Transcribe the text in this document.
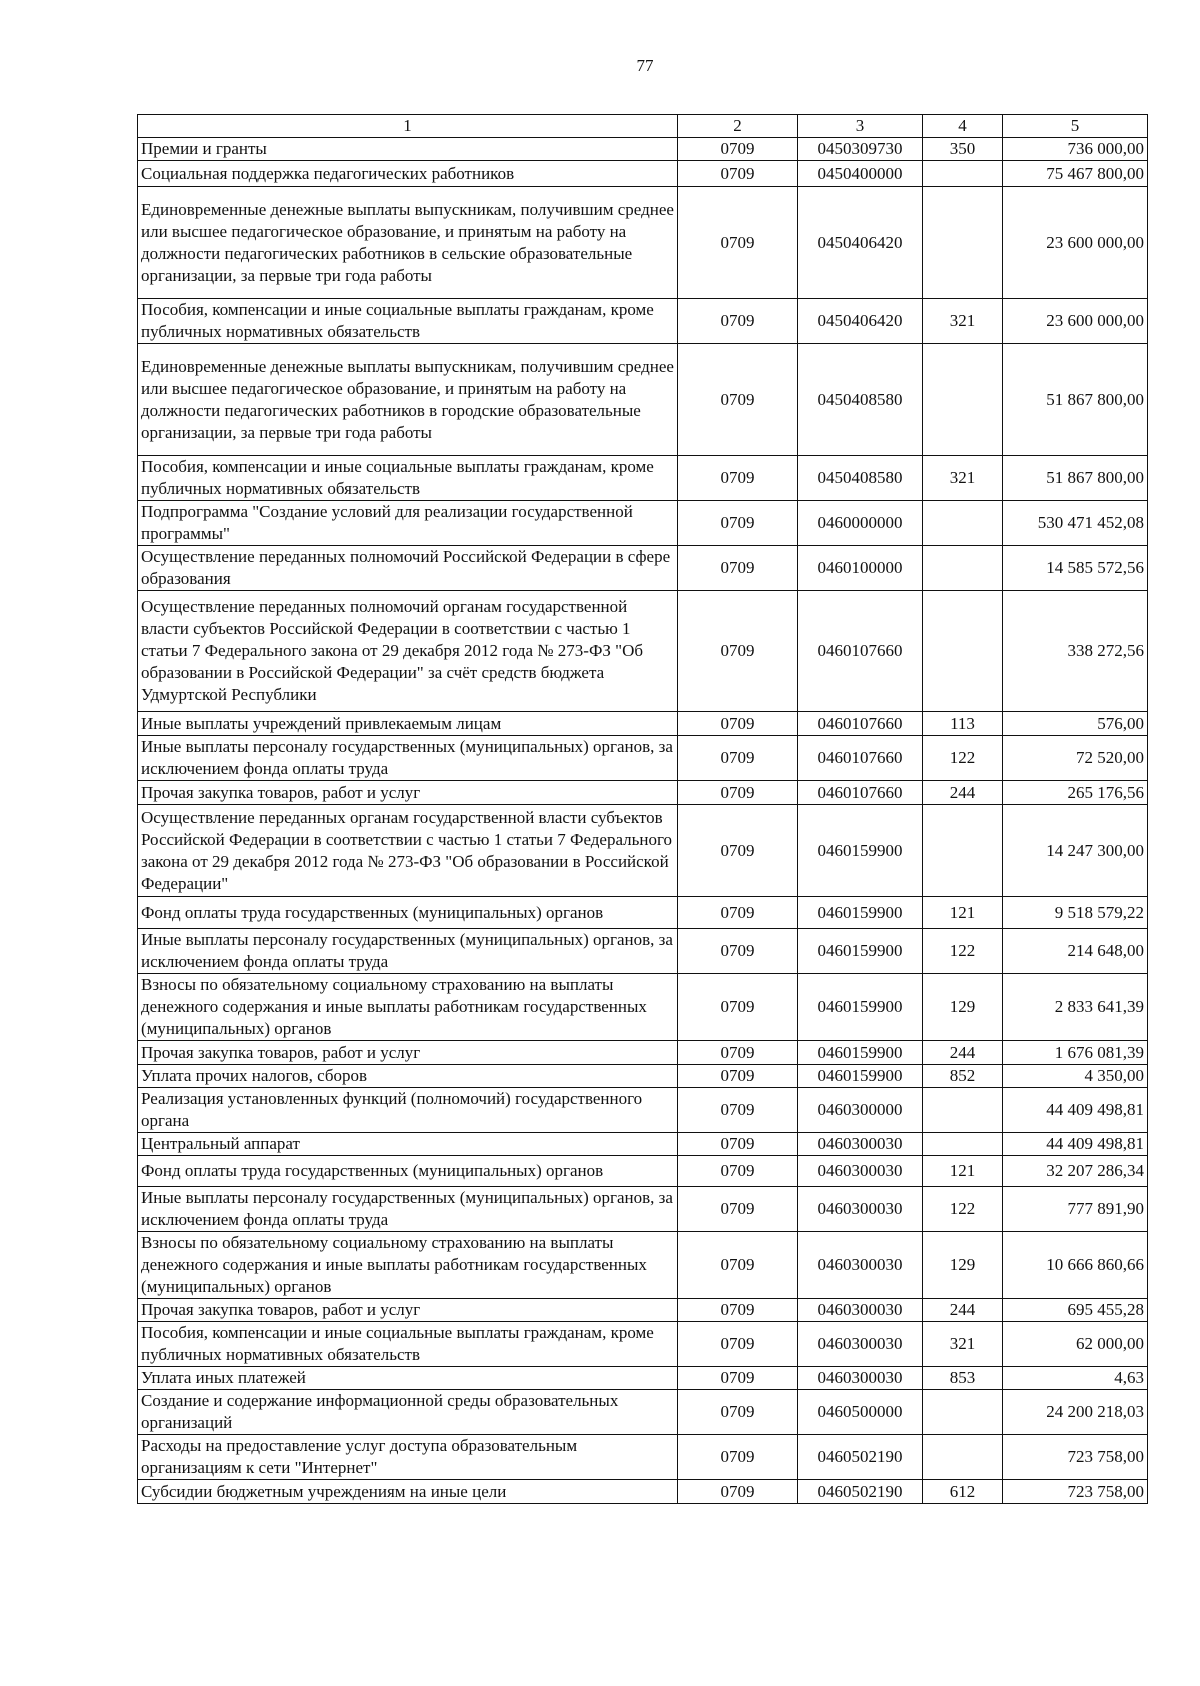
77
1	2	3	4	5
Премии и гранты	0709	0450309730	350	736 000,00
Социальная поддержка педагогических работников	0709	0450400000		75 467 800,00
Единовременные денежные выплаты выпускникам, получившим среднее или высшее педагогическое образование, и принятым на работу на должности педагогических работников в сельские образовательные организации, за первые три года работы	0709	0450406420		23 600 000,00
Пособия, компенсации и иные социальные выплаты гражданам, кроме публичных нормативных обязательств	0709	0450406420	321	23 600 000,00
Единовременные денежные выплаты выпускникам, получившим среднее или высшее педагогическое образование, и принятым на работу на должности педагогических работников в городские образовательные организации, за первые три года работы	0709	0450408580		51 867 800,00
Пособия, компенсации и иные социальные выплаты гражданам, кроме публичных нормативных обязательств	0709	0450408580	321	51 867 800,00
Подпрограмма "Создание условий для реализации государственной программы"	0709	0460000000		530 471 452,08
Осуществление переданных полномочий Российской Федерации в сфере образования	0709	0460100000		14 585 572,56
Осуществление переданных полномочий органам государственной власти субъектов Российской Федерации в соответствии с частью 1 статьи 7 Федерального закона от 29 декабря 2012 года № 273-ФЗ "Об образовании в Российской Федерации" за счёт средств бюджета Удмуртской Республики	0709	0460107660		338 272,56
Иные выплаты учреждений привлекаемым лицам	0709	0460107660	113	576,00
Иные выплаты персоналу государственных (муниципальных) органов, за исключением фонда оплаты труда	0709	0460107660	122	72 520,00
Прочая закупка товаров, работ и услуг	0709	0460107660	244	265 176,56
Осуществление переданных органам государственной власти субъектов Российской Федерации в соответствии с частью 1 статьи 7 Федерального закона от 29 декабря 2012 года № 273-ФЗ "Об образовании в Российской Федерации"	0709	0460159900		14 247 300,00
Фонд оплаты труда государственных (муниципальных) органов	0709	0460159900	121	9 518 579,22
Иные выплаты персоналу государственных (муниципальных) органов, за исключением фонда оплаты труда	0709	0460159900	122	214 648,00
Взносы по обязательному социальному страхованию на выплаты денежного содержания и иные выплаты работникам государственных (муниципальных) органов	0709	0460159900	129	2 833 641,39
Прочая закупка товаров, работ и услуг	0709	0460159900	244	1 676 081,39
Уплата прочих налогов, сборов	0709	0460159900	852	4 350,00
Реализация установленных функций (полномочий) государственного органа	0709	0460300000		44 409 498,81
Центральный аппарат	0709	0460300030		44 409 498,81
Фонд оплаты труда государственных (муниципальных) органов	0709	0460300030	121	32 207 286,34
Иные выплаты персоналу государственных (муниципальных) органов, за исключением фонда оплаты труда	0709	0460300030	122	777 891,90
Взносы по обязательному социальному страхованию на выплаты денежного содержания и иные выплаты работникам государственных (муниципальных) органов	0709	0460300030	129	10 666 860,66
Прочая закупка товаров, работ и услуг	0709	0460300030	244	695 455,28
Пособия, компенсации и иные социальные выплаты гражданам, кроме публичных нормативных обязательств	0709	0460300030	321	62 000,00
Уплата иных платежей	0709	0460300030	853	4,63
Создание и содержание информационной среды образовательных организаций	0709	0460500000		24 200 218,03
Расходы на предоставление услуг доступа образовательным организациям к сети "Интернет"	0709	0460502190		723 758,00
Субсидии бюджетным учреждениям на иные цели	0709	0460502190	612	723 758,00
